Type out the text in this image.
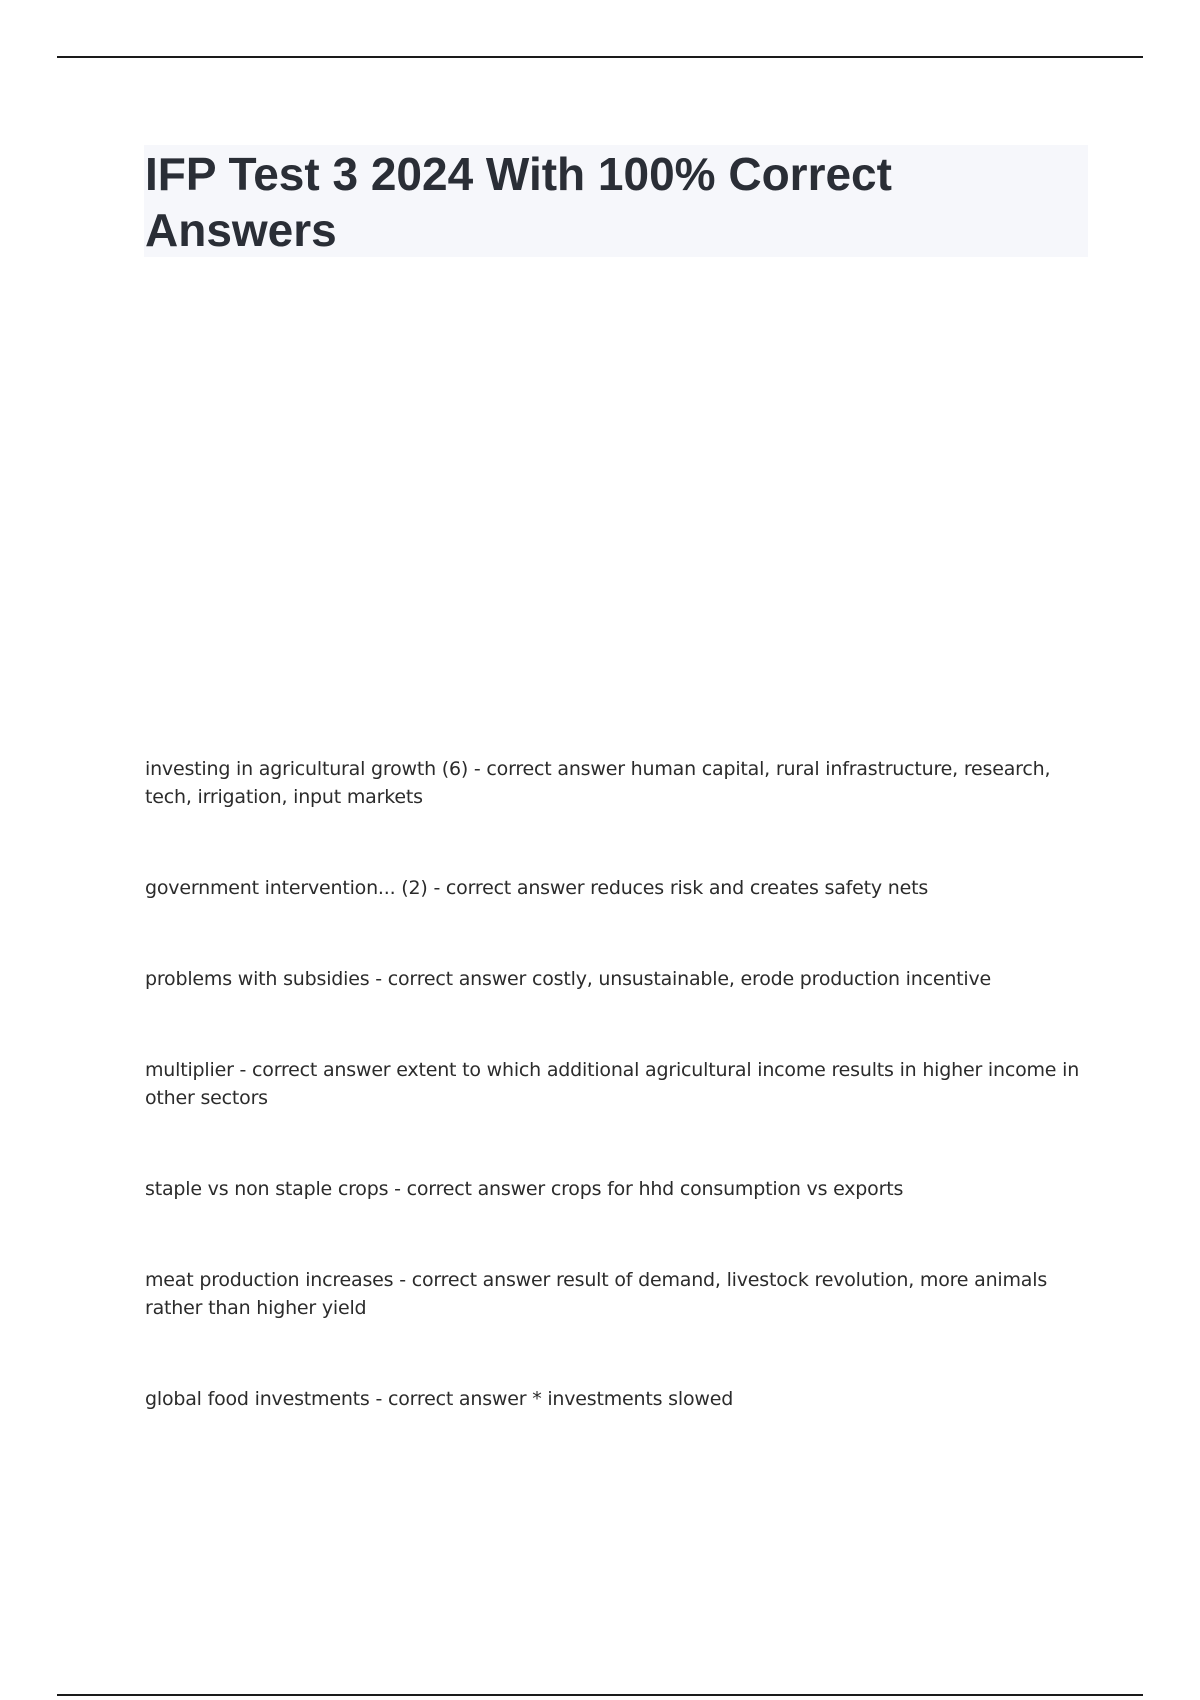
IFP Test 3 2024 With 100% Correct Answers
investing in agricultural growth (6) - correct answer human capital, rural infrastructure, research, tech, irrigation, input markets
government intervention... (2) - correct answer reduces risk and creates safety nets
problems with subsidies - correct answer costly, unsustainable, erode production incentive
multiplier - correct answer extent to which additional agricultural income results in higher income in other sectors
staple vs non staple crops - correct answer crops for hhd consumption vs exports
meat production increases - correct answer result of demand, livestock revolution, more animals rather than higher yield
global food investments - correct answer * investments slowed
